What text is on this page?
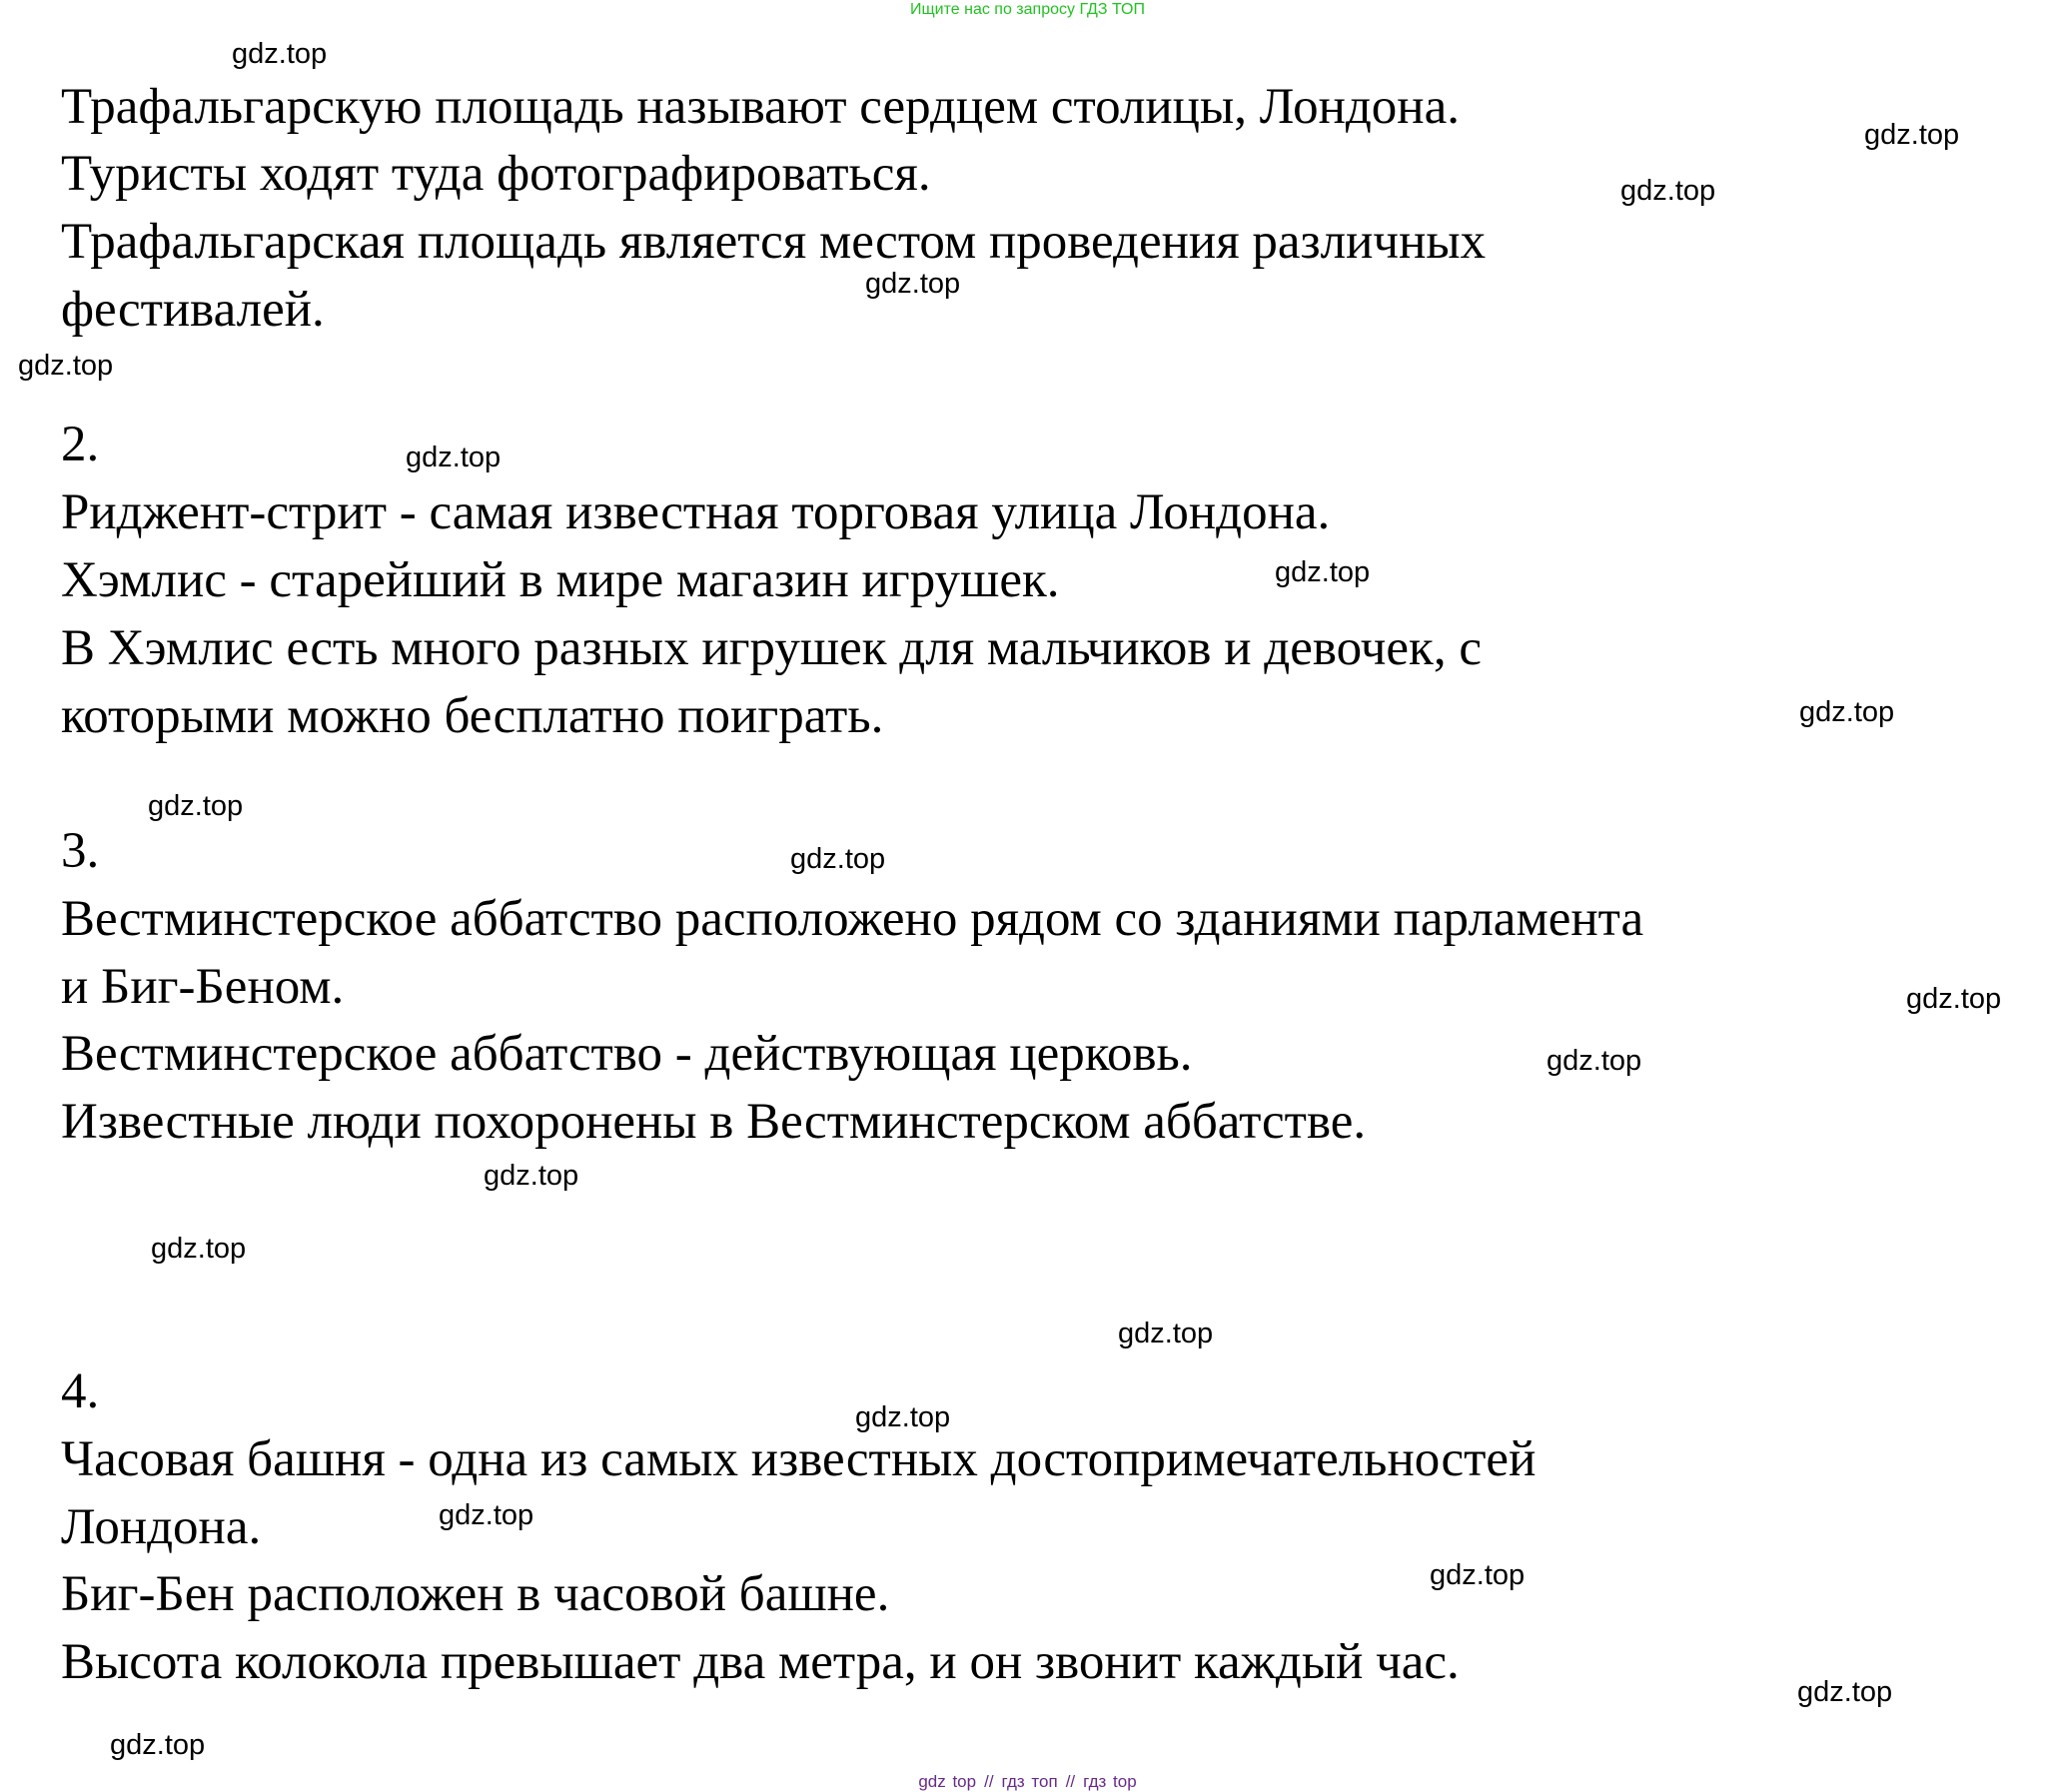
Ищите нас по запросу ГДЗ ТОП
Трафальгарскую площадь называют сердцем столицы, Лондона.
Туристы ходят туда фотографироваться.
Трафальгарская площадь является местом проведения различных
фестивалей.
2.
Риджент-стрит - самая известная торговая улица Лондона.
Хэмлис - старейший в мире магазин игрушек.
В Хэмлис есть много разных игрушек для мальчиков и девочек, с
которыми можно бесплатно поиграть.
3.
Вестминстерское аббатство расположено рядом со зданиями парламента
и Биг-Беном.
Вестминстерское аббатство - действующая церковь.
Известные люди похоронены в Вестминстерском аббатстве.
4.
Часовая башня - одна из самых известных достопримечательностей
Лондона.
Биг-Бен расположен в часовой башне.
Высота колокола превышает два метра, и он звонит каждый час.
gdz.top
gdz.top
gdz.top
gdz.top
gdz.top
gdz.top
gdz.top
gdz.top
gdz.top
gdz.top
gdz.top
gdz.top
gdz.top
gdz.top
gdz.top
gdz.top
gdz.top
gdz.top
gdz.top
gdz.top
gdz top // гдз топ // гдз top
